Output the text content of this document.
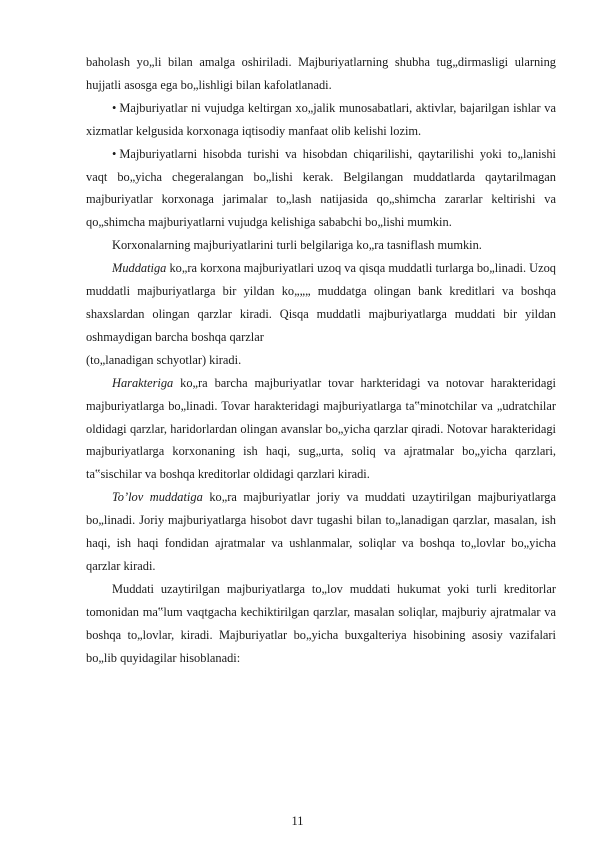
baholash yo„li bilan amalga oshiriladi. Majburiyatlarning shubha tug„dirmasligi ularning hujjatli asosga ega bo„lishligi bilan kafolatlanadi.

• Majburiyatlar ni vujudga keltirgan xo„jalik munosabatlari, aktivlar, bajarilgan ishlar va xizmatlar kelgusida korxonaga iqtisodiy manfaat olib kelishi lozim.

• Majburiyatlarni hisobda turishi va hisobdan chiqarilishi, qaytarilishi yoki to„lanishi vaqt bo„yicha chegeralangan bo„lishi kerak. Belgilangan muddatlarda qaytarilmagan majburiyatlar korxonaga jarimalar to„lash natijasida qo„shimcha zararlar keltirishi va qo„shimcha majburiyatlarni vujudga kelishiga sababchi bo„lishi mumkin.

Korxonalarning majburiyatlarini turli belgilariga ko„ra tasniflash mumkin.

Muddatiga ko„ra korxona majburiyatlari uzoq va qisqa muddatli turlarga bo„linadi. Uzoq muddatli majburiyatlarga bir yildan ko„„„ muddatga olingan bank kreditlari va boshqa shaxslardan olingan qarzlar kiradi. Qisqa muddatli majburiyatlarga muddati bir yildan oshmaydigan barcha boshqa qarzlar

(to„lanadigan schyotlar) kiradi.

Harakteriga ko„ra barcha majburiyatlar tovar harkteridagi va notovar harakteridagi majburiyatlarga bo„linadi. Tovar harakteridagi majburiyatlarga ta‟minotchilar va „udratchilar oldidagi qarzlar, haridorlardan olingan avanslar bo„yicha qarzlar qiradi. Notovar harakteridagi majburiyatlarga korxonaning ish haqi, sug„urta, soliq va ajratmalar bo„yicha qarzlari, ta‟sischilar va boshqa kreditorlar oldidagi qarzlari kiradi.

To’lov muddatiga ko„ra majburiyatlar joriy va muddati uzaytirilgan majburiyatlarga bo„linadi. Joriy majburiyatlarga hisobot davr tugashi bilan to„lanadigan qarzlar, masalan, ish haqi, ish haqi fondidan ajratmalar va ushlanmalar, soliqlar va boshqa to„lovlar bo„yicha qarzlar kiradi.

Muddati uzaytirilgan majburiyatlarga to„lov muddati hukumat yoki turli kreditorlar tomonidan ma‟lum vaqtgacha kechiktirilgan qarzlar, masalan soliqlar, majburiy ajratmalar va boshqa to„lovlar, kiradi. Majburiyatlar bo„yicha buxgalteriya hisobining asosiy vazifalari bo„lib quyidagilar hisoblanadi:

11
